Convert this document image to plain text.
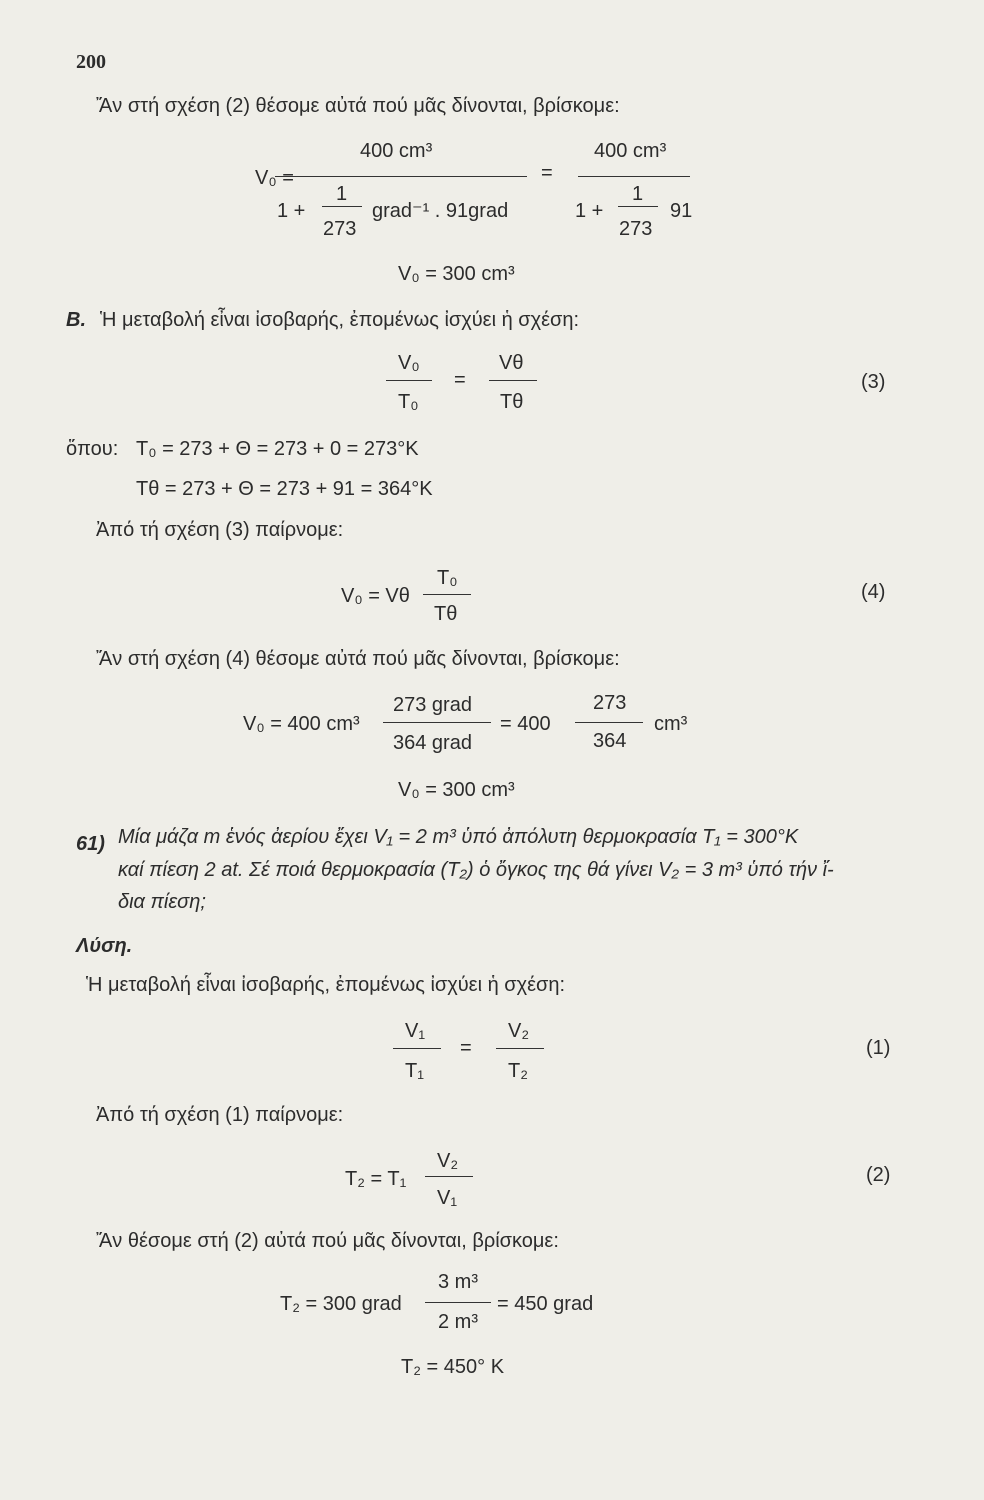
200
Ἄν στή σχέση (2) θέσομε αὐτά πού μᾶς δίνονται, βρίσκομε:
V₀ =
400 cm³
1 +
1
273
grad⁻¹ . 91grad
=
400 cm³
1 +
1
273
91
V₀ = 300 cm³
Β. Ἡ μεταβολή εἶναι ἰσοβαρής, ἐπομένως ἰσχύει ἡ σχέση:
V₀
T₀
=
Vθ
Tθ
(3)
ὅπου: T₀ = 273 + Θ = 273 + 0 = 273°K
Tθ = 273 + Θ = 273 + 91 = 364°K
Ἀπό τή σχέση (3) παίρνομε:
V₀ = Vθ
T₀
Tθ
(4)
Ἄν στή σχέση (4) θέσομε αὐτά πού μᾶς δίνονται, βρίσκομε:
V₀ = 400 cm³
273 grad
364 grad
= 400
273
364
cm³
V₀ = 300 cm³
61) Μία μάζα m ἑνός ἀερίου ἔχει V₁ = 2 m³ ὑπό ἀπόλυτη θερμοκρασία T₁ = 300°K
καί πίεση 2 at. Σέ ποιά θερμοκρασία (T₂) ὁ ὄγκος της θά γίνει V₂ = 3 m³ ὑπό τήν ἴ-
δια πίεση;
Λύση.
Ἡ μεταβολή εἶναι ἰσοβαρής, ἐπομένως ἰσχύει ἡ σχέση:
V₁
T₁
=
V₂
T₂
(1)
Ἀπό τή σχέση (1) παίρνομε:
T₂ = T₁
V₂
V₁
(2)
Ἄν θέσομε στή (2) αὐτά πού μᾶς δίνονται, βρίσκομε:
T₂ = 300 grad
3 m³
2 m³
= 450 grad
T₂ = 450° K
